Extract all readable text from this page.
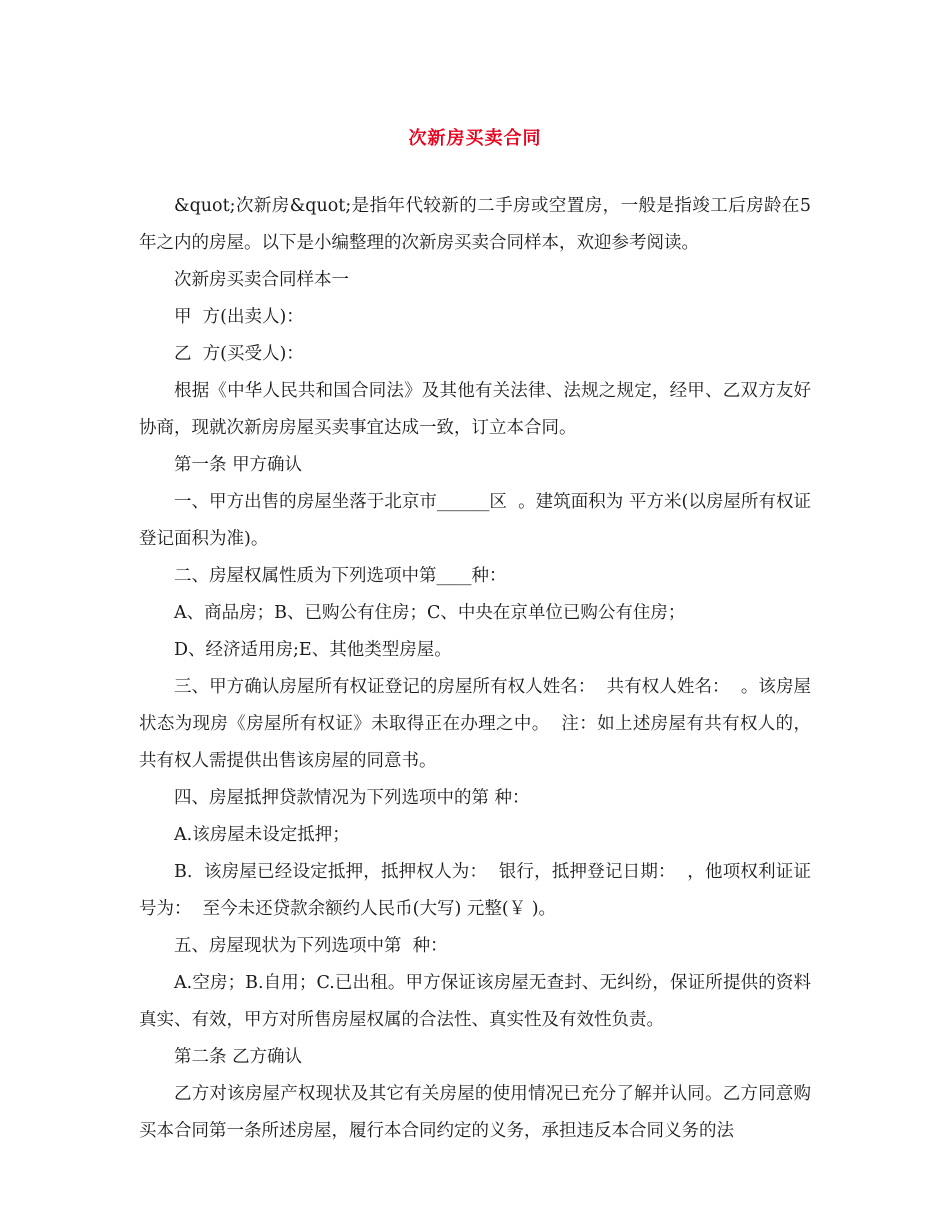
次新房买卖合同

&quot;次新房&quot;是指年代较新的二手房或空置房，一般是指竣工后房龄在5年之内的房屋。以下是小编整理的次新房买卖合同样本，欢迎参考阅读。

次新房买卖合同样本一

甲  方(出卖人)：

乙  方(买受人)：

根据《中华人民共和国合同法》及其他有关法律、法规之规定，经甲、乙双方友好协商，现就次新房房屋买卖事宜达成一致，订立本合同。

第一条 甲方确认

一、甲方出售的房屋坐落于北京市______区  。建筑面积为 平方米(以房屋所有权证登记面积为准)。

二、房屋权属性质为下列选项中第____种：

A、商品房；B、已购公有住房；C、中央在京单位已购公有住房；

D、经济适用房;E、其他类型房屋。

三、甲方确认房屋所有权证登记的房屋所有权人姓名：  共有权人姓名：  。该房屋状态为现房《房屋所有权证》未取得正在办理之中。  注：如上述房屋有共有权人的，共有权人需提供出售该房屋的同意书。

四、房屋抵押贷款情况为下列选项中的第 种：

A.该房屋未设定抵押；

B.  该房屋已经设定抵押，抵押权人为：  银行，抵押登记日期：  ，他项权利证证号为：  至今未还贷款余额约人民币(大写) 元整(￥ )。

五、房屋现状为下列选项中第  种：

A.空房；B.自用；C.已出租。甲方保证该房屋无查封、无纠纷，保证所提供的资料真实、有效，甲方对所售房屋权属的合法性、真实性及有效性负责。

第二条 乙方确认

乙方对该房屋产权现状及其它有关房屋的使用情况已充分了解并认同。乙方同意购买本合同第一条所述房屋，履行本合同约定的义务，承担违反本合同义务的法
